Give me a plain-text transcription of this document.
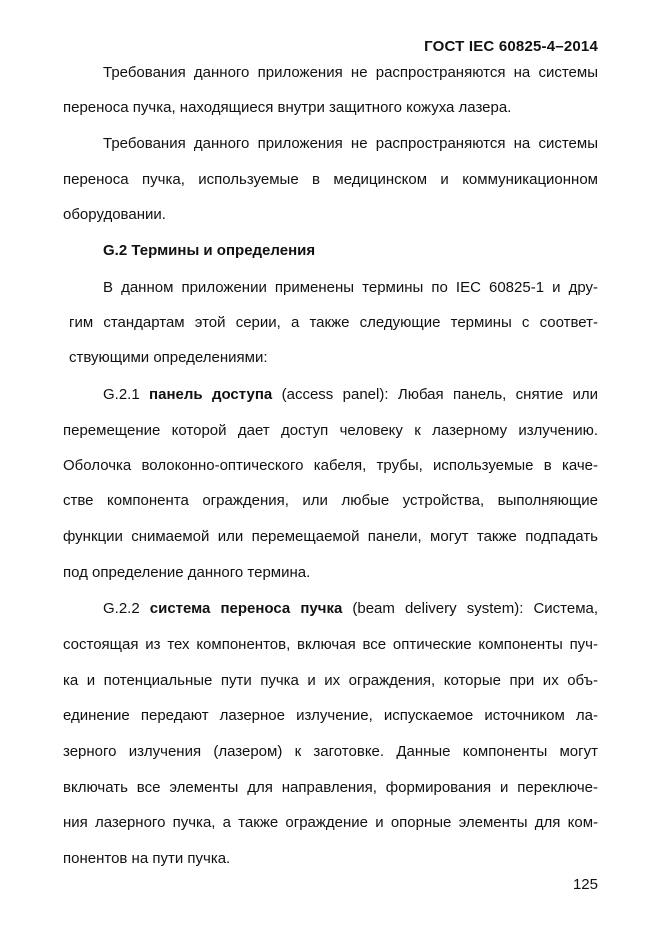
ГОСТ IEC 60825-4–2014
Требования данного приложения не распространяются на системы
переноса пучка, находящиеся внутри защитного кожуха лазера.
Требования данного приложения не распространяются на системы
переноса пучка, используемые в медицинском и коммуникационном
оборудовании.
G.2 Термины и определения
В данном приложении применены термины по IEC 60825-1 и дру-
гим стандартам этой серии, а также следующие термины с соответ-
ствующими определениями:
G.2.1 панель доступа (access panel): Любая панель, снятие или
перемещение которой дает доступ человеку к лазерному излучению.
Оболочка волоконно-оптического кабеля, трубы, используемые в каче-
стве компонента ограждения, или любые устройства, выполняющие
функции снимаемой или перемещаемой панели, могут также подпадать
под определение данного термина.
G.2.2 система переноса пучка (beam delivery system): Система,
состоящая из тех компонентов, включая все оптические компоненты пуч-
ка и потенциальные пути пучка и их ограждения, которые при их объ-
единение передают лазерное излучение, испускаемое источником ла-
зерного излучения (лазером) к заготовке. Данные компоненты могут
включать все элементы для направления, формирования и переключе-
ния лазерного пучка, а также ограждение и опорные элементы для ком-
понентов на пути пучка.
125
